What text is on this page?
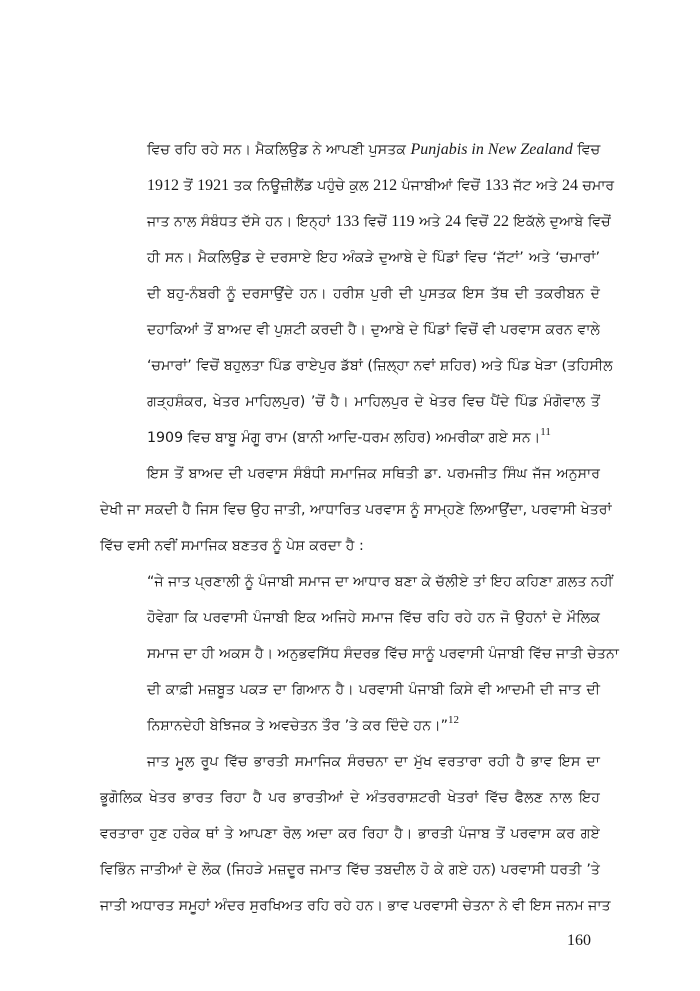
ਵਿਚ ਰਹਿ ਰਹੇ ਸਨ। ਮੈਕਲਿਉਡ ਨੇ ਆਪਣੀ ਪੁਸਤਕ Punjabis in New Zealand ਵਿਚ
1912 ਤੋਂ 1921 ਤਕ ਨਿਊਜ਼ੀਲੈਂਡ ਪਹੁੰਚੇ ਕੁਲ 212 ਪੰਜਾਬੀਆਂ ਵਿਚੋਂ 133 ਜੱਟ ਅਤੇ 24 ਚਮਾਰ
ਜਾਤ ਨਾਲ ਸੰਬੰਧਤ ਦੱਸੇ ਹਨ। ਇਨ੍ਹਾਂ 133 ਵਿਚੋਂ 119 ਅਤੇ 24 ਵਿਚੋਂ 22 ਇਕੱਲੇ ਦੁਆਬੇ ਵਿਚੋਂ
ਹੀ ਸਨ। ਮੈਕਲਿਉਡ ਦੇ ਦਰਸਾਏ ਇਹ ਅੰਕੜੇ ਦੁਆਬੇ ਦੇ ਪਿੰਡਾਂ ਵਿਚ ‘ਜੱਟਾਂ’ ਅਤੇ ‘ਚਮਾਰਾਂ’
ਦੀ ਬਹੁ-ਨੰਬਰੀ ਨੂੰ ਦਰਸਾਉਂਦੇ ਹਨ। ਹਰੀਸ਼ ਪੁਰੀ ਦੀ ਪੁਸਤਕ ਇਸ ਤੱਥ ਦੀ ਤਕਰੀਬਨ ਦੋ
ਦਹਾਕਿਆਂ ਤੋਂ ਬਾਅਦ ਵੀ ਪੁਸ਼ਟੀ ਕਰਦੀ ਹੈ। ਦੁਆਬੇ ਦੇ ਪਿੰਡਾਂ ਵਿਚੋਂ ਵੀ ਪਰਵਾਸ ਕਰਨ ਵਾਲੇ
‘ਚਮਾਰਾਂ’ ਵਿਚੋਂ ਬਹੁਲਤਾ ਪਿੰਡ ਰਾਏਪੁਰ ਡੱਬਾਂ (ਜ਼ਿਲ੍ਹਾ ਨਵਾਂ ਸ਼ਹਿਰ) ਅਤੇ ਪਿੰਡ ਖੇੜਾ (ਤਹਿਸੀਲ
ਗੜ੍ਹਸ਼ੰਕਰ, ਖੇਤਰ ਮਾਹਿਲਪੁਰ) ’ਚੋਂ ਹੈ। ਮਾਹਿਲਪੁਰ ਦੇ ਖੇਤਰ ਵਿਚ ਪੈਂਦੇ ਪਿੰਡ ਮੰਗੋਵਾਲ ਤੋਂ
1909 ਵਿਚ ਬਾਬੂ ਮੰਗੂ ਰਾਮ (ਬਾਨੀ ਆਦਿ-ਧਰਮ ਲਹਿਰ) ਅਮਰੀਕਾ ਗਏ ਸਨ।$^{11}$
ਇਸ ਤੋਂ ਬਾਅਦ ਦੀ ਪਰਵਾਸ ਸੰਬੰਧੀ ਸਮਾਜਿਕ ਸਥਿਤੀ ਡਾ. ਪਰਮਜੀਤ ਸਿੰਘ ਜੱਜ ਅਨੁਸਾਰ
ਦੇਖੀ ਜਾ ਸਕਦੀ ਹੈ ਜਿਸ ਵਿਚ ਉਹ ਜਾਤੀ, ਆਧਾਰਿਤ ਪਰਵਾਸ ਨੂੰ ਸਾਮ੍ਹਣੇ ਲਿਆਉਂਦਾ, ਪਰਵਾਸੀ ਖੇਤਰਾਂ
ਵਿੱਚ ਵਸੀ ਨਵੀਂ ਸਮਾਜਿਕ ਬਣਤਰ ਨੂੰ ਪੇਸ਼ ਕਰਦਾ ਹੈ :
“ਜੇ ਜਾਤ ਪ੍ਰਣਾਲੀ ਨੂੰ ਪੰਜਾਬੀ ਸਮਾਜ ਦਾ ਆਧਾਰ ਬਣਾ ਕੇ ਚੱਲੀਏ ਤਾਂ ਇਹ ਕਹਿਣਾ ਗ਼ਲਤ ਨਹੀਂ
ਹੋਵੇਗਾ ਕਿ ਪਰਵਾਸੀ ਪੰਜਾਬੀ ਇਕ ਅਜਿਹੇ ਸਮਾਜ ਵਿੱਚ ਰਹਿ ਰਹੇ ਹਨ ਜੋ ਉਹਨਾਂ ਦੇ ਮੌਲਿਕ
ਸਮਾਜ ਦਾ ਹੀ ਅਕਸ ਹੈ। ਅਨੁਭਵਸਿੱਧ ਸੰਦਰਭ ਵਿੱਚ ਸਾਨੂੰ ਪਰਵਾਸੀ ਪੰਜਾਬੀ ਵਿੱਚ ਜਾਤੀ ਚੇਤਨਾ
ਦੀ ਕਾਫ਼ੀ ਮਜ਼ਬੂਤ ਪਕੜ ਦਾ ਗਿਆਨ ਹੈ। ਪਰਵਾਸੀ ਪੰਜਾਬੀ ਕਿਸੇ ਵੀ ਆਦਮੀ ਦੀ ਜਾਤ ਦੀ
ਨਿਸ਼ਾਨਦੇਹੀ ਬੇਝਿਜਕ ਤੇ ਅਵਚੇਤਨ ਤੌਰ ’ਤੇ ਕਰ ਦਿੰਦੇ ਹਨ।”$^{12}$
ਜਾਤ ਮੂਲ ਰੂਪ ਵਿੱਚ ਭਾਰਤੀ ਸਮਾਜਿਕ ਸੰਰਚਨਾ ਦਾ ਮੁੱਖ ਵਰਤਾਰਾ ਰਹੀ ਹੈ ਭਾਵ ਇਸ ਦਾ
ਭੂਗੋਲਿਕ ਖੇਤਰ ਭਾਰਤ ਰਿਹਾ ਹੈ ਪਰ ਭਾਰਤੀਆਂ ਦੇ ਅੰਤਰਰਾਸ਼ਟਰੀ ਖੇਤਰਾਂ ਵਿੱਚ ਫੈਲਣ ਨਾਲ ਇਹ
ਵਰਤਾਰਾ ਹੁਣ ਹਰੇਕ ਥਾਂ ਤੇ ਆਪਣਾ ਰੋਲ ਅਦਾ ਕਰ ਰਿਹਾ ਹੈ। ਭਾਰਤੀ ਪੰਜਾਬ ਤੋਂ ਪਰਵਾਸ ਕਰ ਗਏ
ਵਿਭਿੰਨ ਜਾਤੀਆਂ ਦੇ ਲੋਕ (ਜਿਹੜੇ ਮਜ਼ਦੂਰ ਜਮਾਤ ਵਿੱਚ ਤਬਦੀਲ ਹੋ ਕੇ ਗਏ ਹਨ) ਪਰਵਾਸੀ ਧਰਤੀ ’ਤੇ
ਜਾਤੀ ਅਧਾਰਤ ਸਮੂਹਾਂ ਅੰਦਰ ਸੁਰਖਿਅਤ ਰਹਿ ਰਹੇ ਹਨ। ਭਾਵ ਪਰਵਾਸੀ ਚੇਤਨਾ ਨੇ ਵੀ ਇਸ ਜਨਮ ਜਾਤ
160
